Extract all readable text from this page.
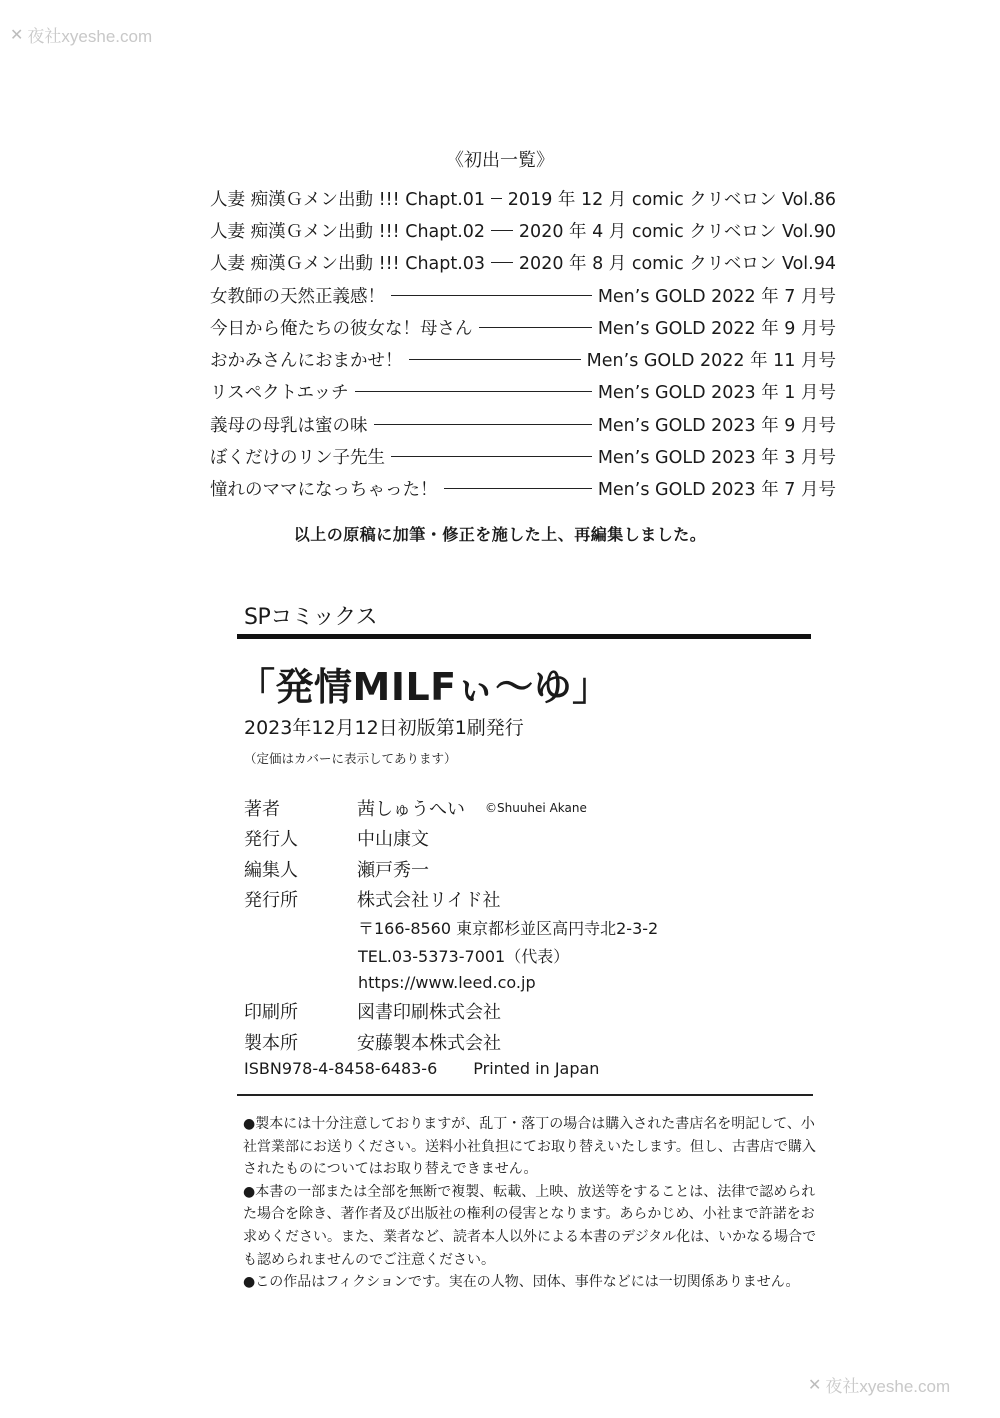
✕ 夜社xyeshe.com
《初出一覧》
人妻 痴漢Ｇメン出動 !!! Chapt.01 2019 年 12 月 comic クリベロン Vol.86
人妻 痴漢Ｇメン出動 !!! Chapt.02 2020 年 4 月 comic クリベロン Vol.90
人妻 痴漢Ｇメン出動 !!! Chapt.03 2020 年 8 月 comic クリベロン Vol.94
女教師の天然正義感！	Men’s GOLD 2022 年 7 月号
今日から俺たちの彼女な！母さん	Men’s GOLD 2022 年 9 月号
おかみさんにおまかせ！	Men’s GOLD 2022 年 11 月号
リスペクトエッチ	Men’s GOLD 2023 年 1 月号
義母の母乳は蜜の味	Men’s GOLD 2023 年 9 月号
ぼくだけのリン子先生	Men’s GOLD 2023 年 3 月号
憧れのママになっちゃった！	Men’s GOLD 2023 年 7 月号
以上の原稿に加筆・修正を施した上、再編集しました。
SPコミックス
「発情MILFぃ〜ゆ」
2023年12月12日初版第1刷発行
（定価はカバーに表示してあります）
著者	茜しゅうへい ©Shuuhei Akane
発行人	中山康文
編集人	瀬戸秀一
発行所	株式会社リイド社
〒166-8560 東京都杉並区高円寺北2-3-2
TEL.03-5373-7001（代表）
https://www.leed.co.jp
印刷所	図書印刷株式会社
製本所	安藤製本株式会社
ISBN978-4-8458-6483-6 Printed in Japan

●製本には十分注意しておりますが、乱丁・落丁の場合は購入された書店名を明記して、小社営業部にお送りください。送料小社負担にてお取り替えいたします。但し、古書店で購入されたものについてはお取り替えできません。

●本書の一部または全部を無断で複製、転載、上映、放送等をすることは、法律で認められた場合を除き、著作者及び出版社の権利の侵害となります。あらかじめ、小社まで許諾をお求めください。また、業者など、読者本人以外による本書のデジタル化は、いかなる場合でも認められませんのでご注意ください。

●この作品はフィクションです。実在の人物、団体、事件などには一切関係ありません。

✕ 夜社xyeshe.com
